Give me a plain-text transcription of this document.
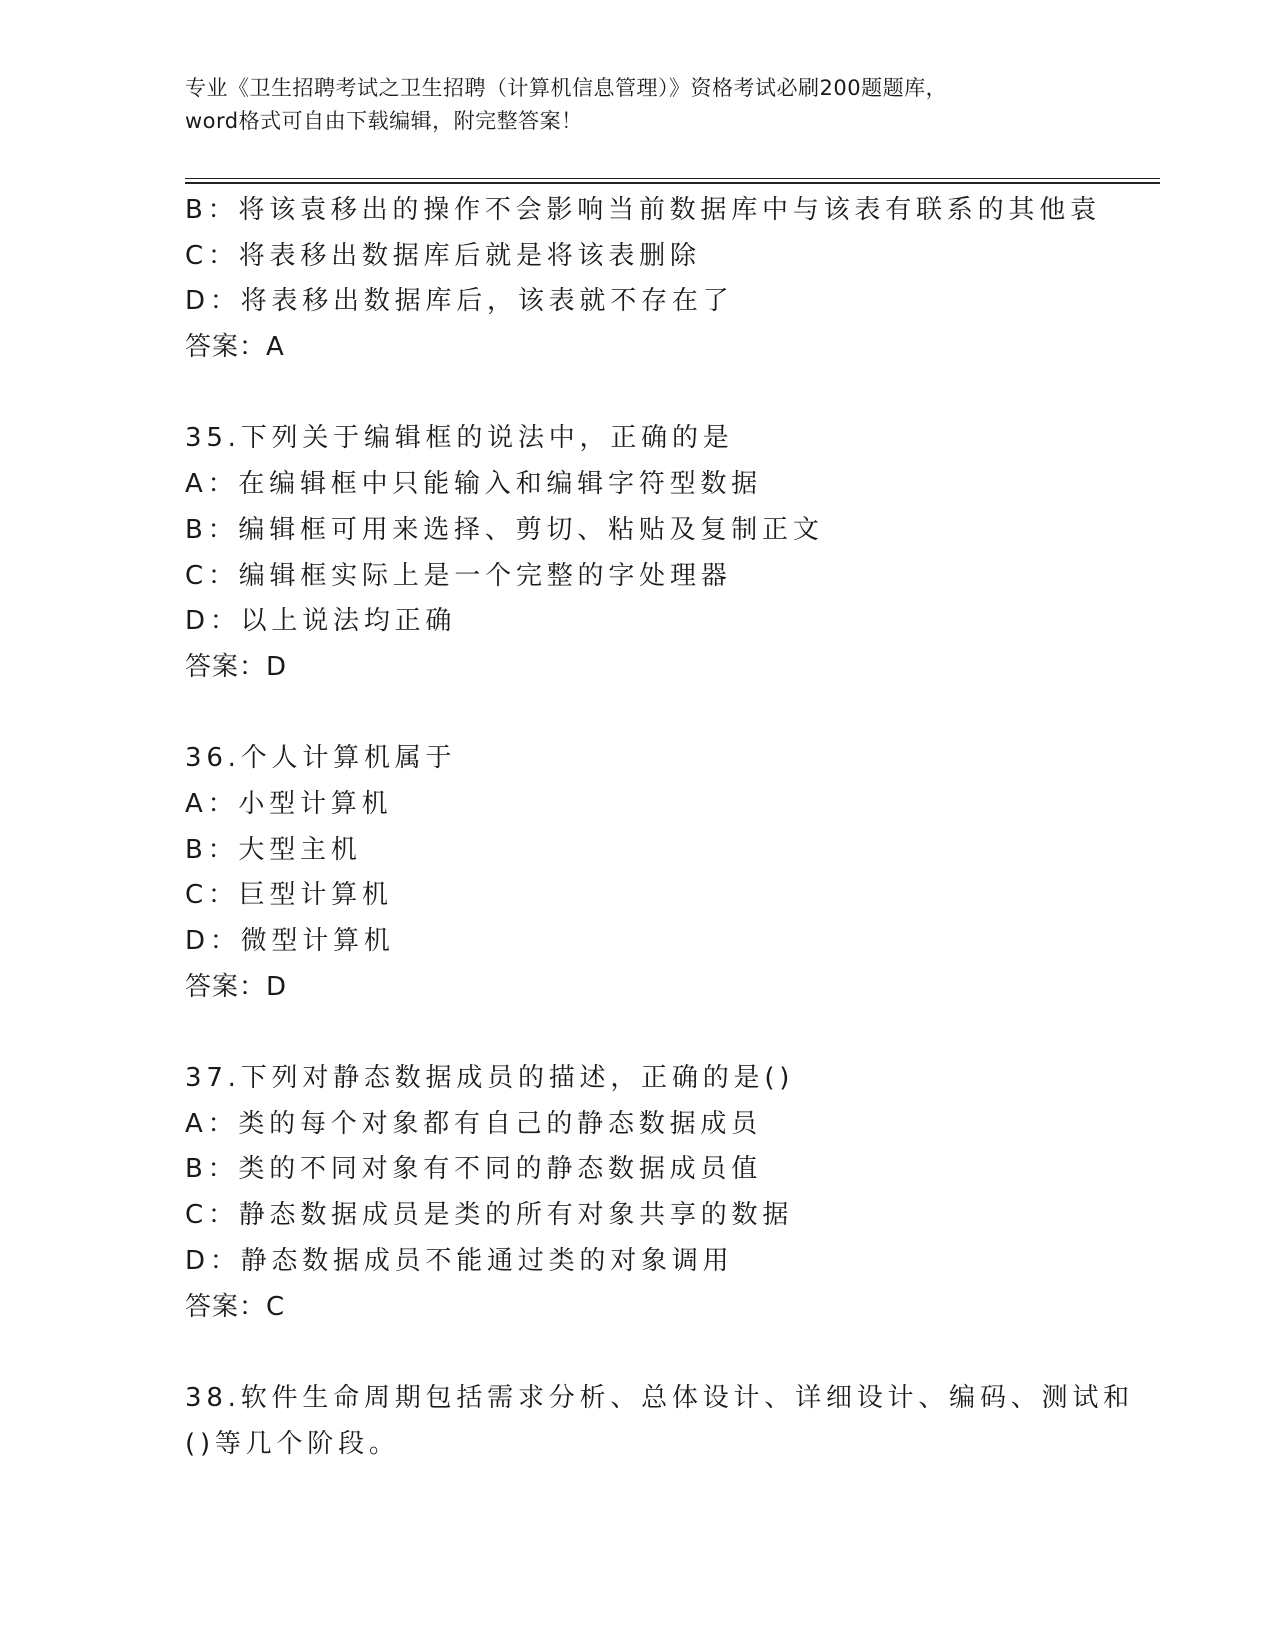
专业《卫生招聘考试之卫生招聘（计算机信息管理）》资格考试必刷200题题库，
word格式可自由下载编辑，附完整答案！
B：将该袁移出的操作不会影响当前数据库中与该表有联系的其他袁
C：将表移出数据库后就是将该表删除
D：将表移出数据库后，该表就不存在了
答案：A
35.下列关于编辑框的说法中，正确的是
A：在编辑框中只能输入和编辑字符型数据
B：编辑框可用来选择、剪切、粘贴及复制正文
C：编辑框实际上是一个完整的字处理器
D：以上说法均正确
答案：D
36.个人计算机属于
A：小型计算机
B：大型主机
C：巨型计算机
D：微型计算机
答案：D
37.下列对静态数据成员的描述，正确的是()
A：类的每个对象都有自己的静态数据成员
B：类的不同对象有不同的静态数据成员值
C：静态数据成员是类的所有对象共享的数据
D：静态数据成员不能通过类的对象调用
答案：C
38.软件生命周期包括需求分析、总体设计、详细设计、编码、测试和
()等几个阶段。
